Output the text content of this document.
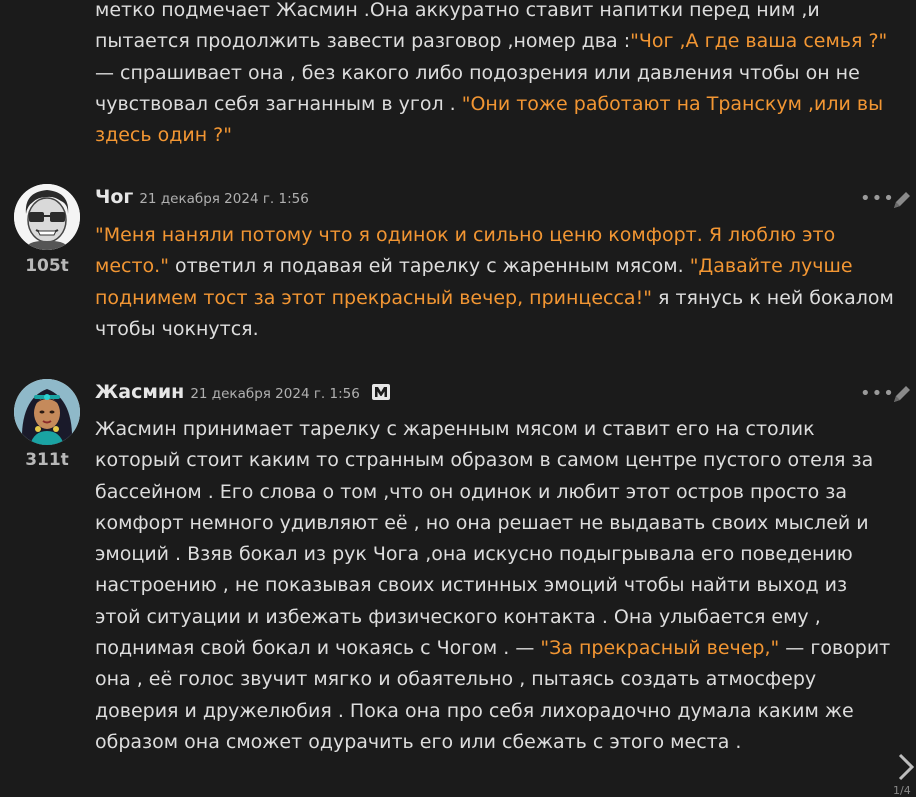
метко подмечает Жасмин .Она аккуратно ставит напитки перед ним ,и пытается продолжить завести разговор ,номер два :"Чог ,А где ваша семья ?" — спрашивает она , без какого либо подозрения или давления чтобы он не чувствовал себя загнанным в угол . "Они тоже работают на Транскум ,или вы здесь один ?"

105t
Чог 21 декабря 2024 г. 1:56	•••

"Меня наняли потому что я одинок и сильно ценю комфорт. Я люблю это место." ответил я подавая ей тарелку с жаренным мясом. "Давайте лучше поднимем тост за этот прекрасный вечер, принцесса!" я тянусь к ней бокалом чтобы чокнутся.

311t
Жасмин 21 декабря 2024 г. 1:56	•••

Жасмин принимает тарелку с жаренным мясом и ставит его на столик который стоит каким то странным образом в самом центре пустого отеля за бассейном . Его слова о том ,что он одинок и любит этот остров просто за комфорт немного удивляют её , но она решает не выдавать своих мыслей и эмоций . Взяв бокал из рук Чога ,она искусно подыгрывала его поведению настроению , не показывая своих истинных эмоций чтобы найти выход из этой ситуации и избежать физического контакта . Она улыбается ему , поднимая свой бокал и чокаясь с Чогом . — "За прекрасный вечер," — говорит она , её голос звучит мягко и обаятельно , пытаясь создать атмосферу доверия и дружелюбия . Пока она про себя лихорадочно думала каким же образом она сможет одурачить его или сбежать с этого места .

1/4
